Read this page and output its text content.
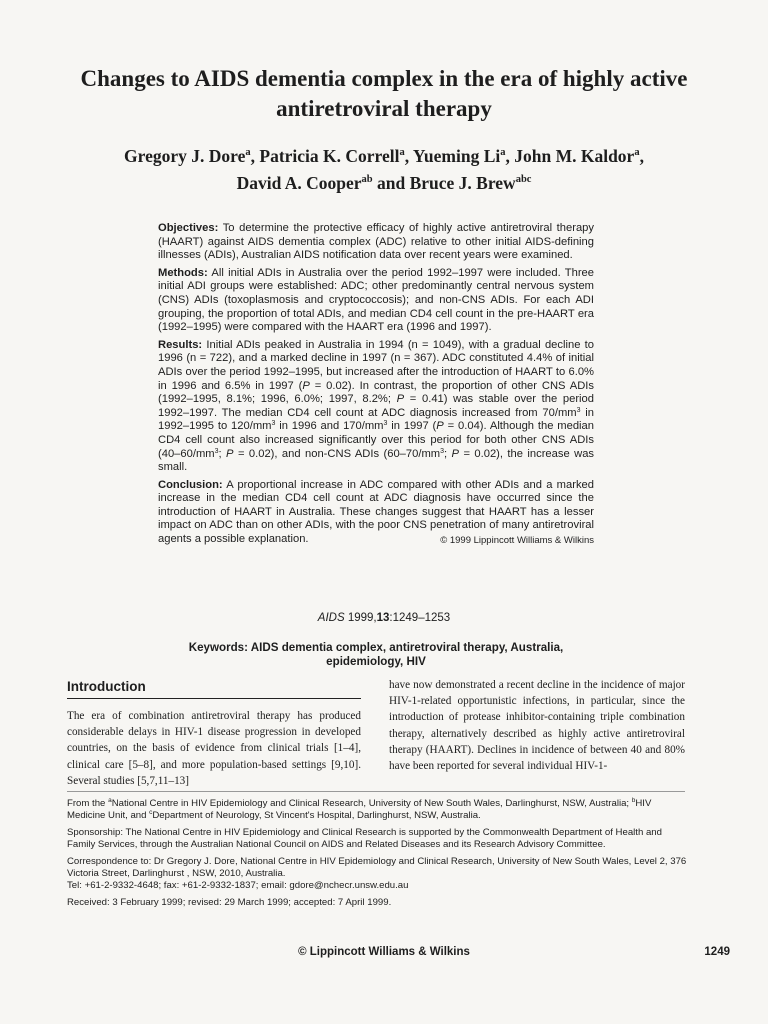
Changes to AIDS dementia complex in the era of highly active antiretroviral therapy
Gregory J. Dore$^a$, Patricia K. Correll$^a$, Yueming Li$^a$, John M. Kaldor$^a$,
David A. Cooper$^{ab}$ and Bruce J. Brew$^{abc}$

Objectives: To determine the protective efficacy of highly active antiretroviral therapy (HAART) against AIDS dementia complex (ADC) relative to other initial AIDS-defining illnesses (ADIs), Australian AIDS notification data over recent years were examined.

Methods: All initial ADIs in Australia over the period 1992–1997 were included. Three initial ADI groups were established: ADC; other predominantly central nervous system (CNS) ADIs (toxoplasmosis and cryptococcosis); and non-CNS ADIs. For each ADI grouping, the proportion of total ADIs, and median CD4 cell count in the pre-HAART era (1992–1995) were compared with the HAART era (1996 and 1997).

Results: Initial ADIs peaked in Australia in 1994 (n = 1049), with a gradual decline to 1996 (n = 722), and a marked decline in 1997 (n = 367). ADC constituted 4.4% of initial ADIs over the period 1992–1995, but increased after the introduction of HAART to 6.0% in 1996 and 6.5% in 1997 (P = 0.02). In contrast, the proportion of other CNS ADIs (1992–1995, 8.1%; 1996, 6.0%; 1997, 8.2%; P = 0.41) was stable over the period 1992–1997. The median CD4 cell count at ADC diagnosis increased from $70/mm^3$ in 1992–1995 to $120/mm^3$ in 1996 and $170/mm^3$ in 1997 (P = 0.04). Although the median CD4 cell count also increased significantly over this period for both other CNS ADIs ($40-60/mm^3$; P = 0.02), and non-CNS ADIs ($60-70/mm^3$; P = 0.02), the increase was small.

Conclusion: A proportional increase in ADC compared with other ADIs and a marked increase in the median CD4 cell count at ADC diagnosis have occurred since the introduction of HAART in Australia. These changes suggest that HAART has a lesser impact on ADC than on other ADIs, with the poor CNS penetration of many antiretroviral agents a possible explanation.	© 1999 Lippincott Williams & Wilkins

AIDS 1999,13:1249–1253
Keywords: AIDS dementia complex, antiretroviral therapy, Australia, epidemiology, HIV
Introduction
The era of combination antiretroviral therapy has produced considerable delays in HIV-1 disease progression in developed countries, on the basis of evidence from clinical trials [1–4], clinical care [5–8], and more population-based settings [9,10]. Several studies [5,7,11–13]
have now demonstrated a recent decline in the incidence of major HIV-1-related opportunistic infections, in particular, since the introduction of protease inhibitor-containing triple combination therapy, alternatively described as highly active antiretroviral therapy (HAART). Declines in incidence of between 40 and 80% have been reported for several individual HIV-1-

From the $^a$National Centre in HIV Epidemiology and Clinical Research, University of New South Wales, Darlinghurst, NSW, Australia; $^b$HIV Medicine Unit, and $^c$Department of Neurology, St Vincent's Hospital, Darlinghurst, NSW, Australia.

Sponsorship: The National Centre in HIV Epidemiology and Clinical Research is supported by the Commonwealth Department of Health and Family Services, through the Australian National Council on AIDS and Related Diseases and its Research Advisory Committee.

Correspondence to: Dr Gregory J. Dore, National Centre in HIV Epidemiology and Clinical Research, University of New South Wales, Level 2, 376 Victoria Street, Darlinghurst , NSW, 2010, Australia.

Tel: +61-2-9332-4648; fax: +61-2-9332-1837; email: gdore@nchecr.unsw.edu.au

Received: 3 February 1999; revised: 29 March 1999; accepted: 7 April 1999.

© Lippincott Williams & Wilkins	1249
